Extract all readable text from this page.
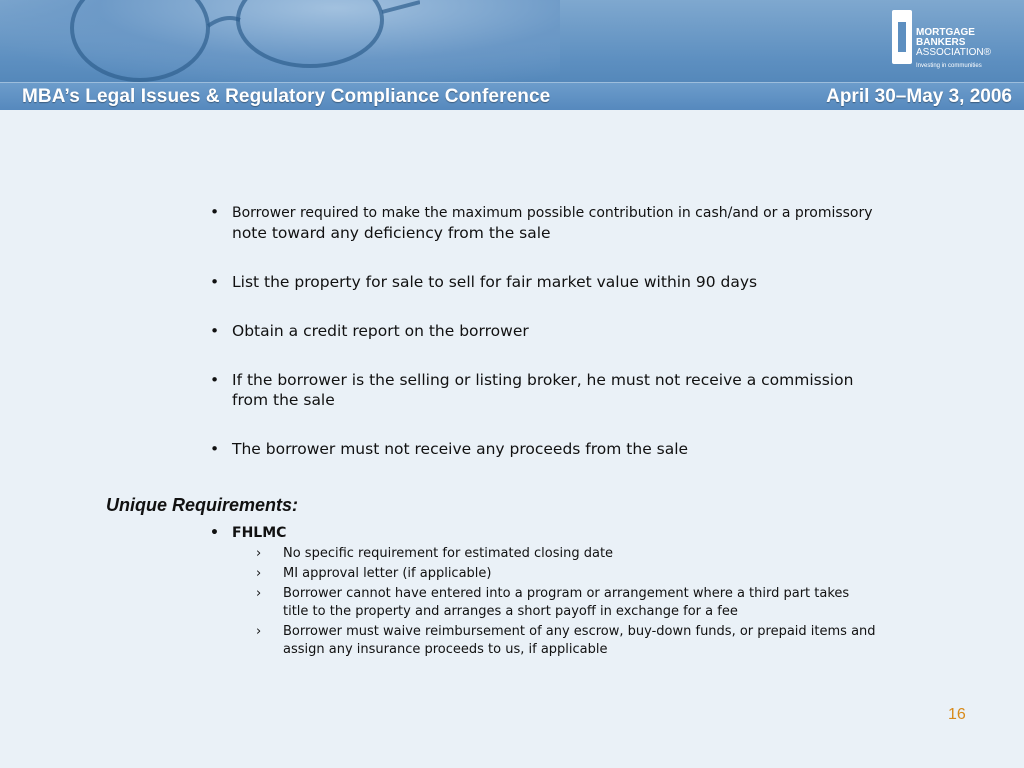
MBA’s Legal Issues & Regulatory Compliance Conference	April 30–May 3, 2006
MORTGAGE
BANKERS
ASSOCIATION®
Investing in communities
• Borrower required to make the maximum possible contribution in cash/and or a promissory note toward any deficiency from the sale
• List the property for sale to sell for fair market value within 90 days
• Obtain a credit report on the borrower
• If the borrower is the selling or listing broker, he must not receive a commission from the sale
• The borrower must not receive any proceeds from the sale
Unique Requirements:
• FHLMC
› No specific requirement for estimated closing date
› MI approval letter (if applicable)
› Borrower cannot have entered into a program or arrangement where a third part takes title to the property and arranges a short payoff in exchange for a fee
› Borrower must waive reimbursement of any escrow, buy-down funds, or prepaid items and assign any insurance proceeds to us, if applicable
16
